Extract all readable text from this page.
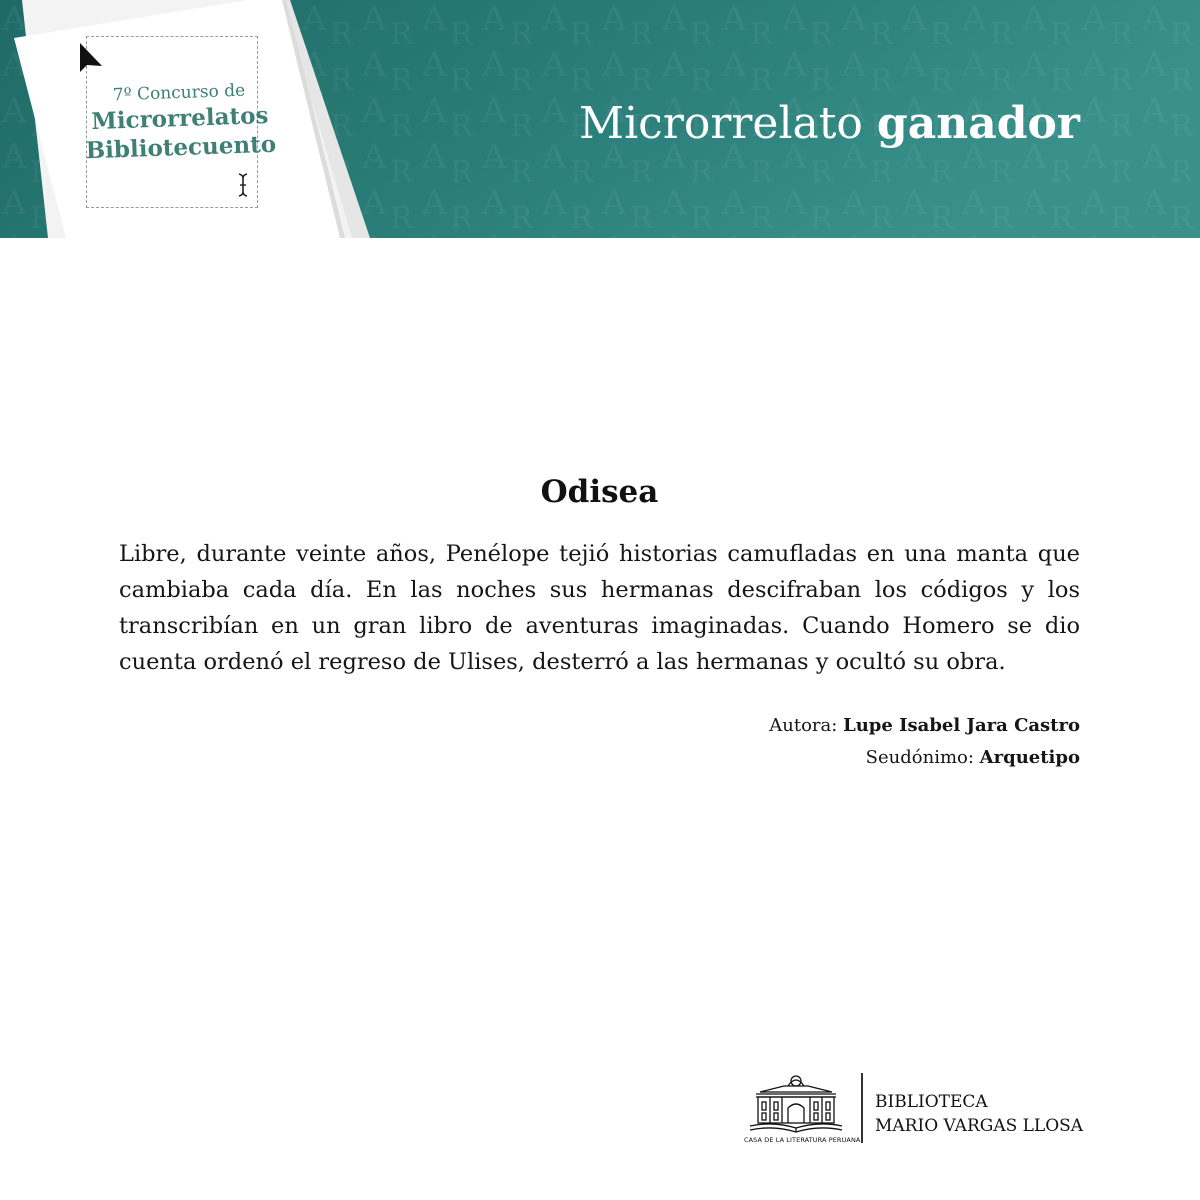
7º Concurso de
Microrrelatos
Bibliotecuento	Microrrelato ganador
Odisea

Libre, durante veinte años, Penélope tejió historias camufladas en una manta que cambiaba cada día. En las noches sus hermanas descifraban los códigos y los transcribían en un gran libro de aventuras imaginadas. Cuando Homero se dio cuenta ordenó el regreso de Ulises, desterró a las hermanas y ocultó su obra.

Autora: Lupe Isabel Jara Castro
Seudónimo: Arquetipo
CASA DE LA LITERATURA PERUANA
BIBLIOTECA
MARIO VARGAS LLOSA
